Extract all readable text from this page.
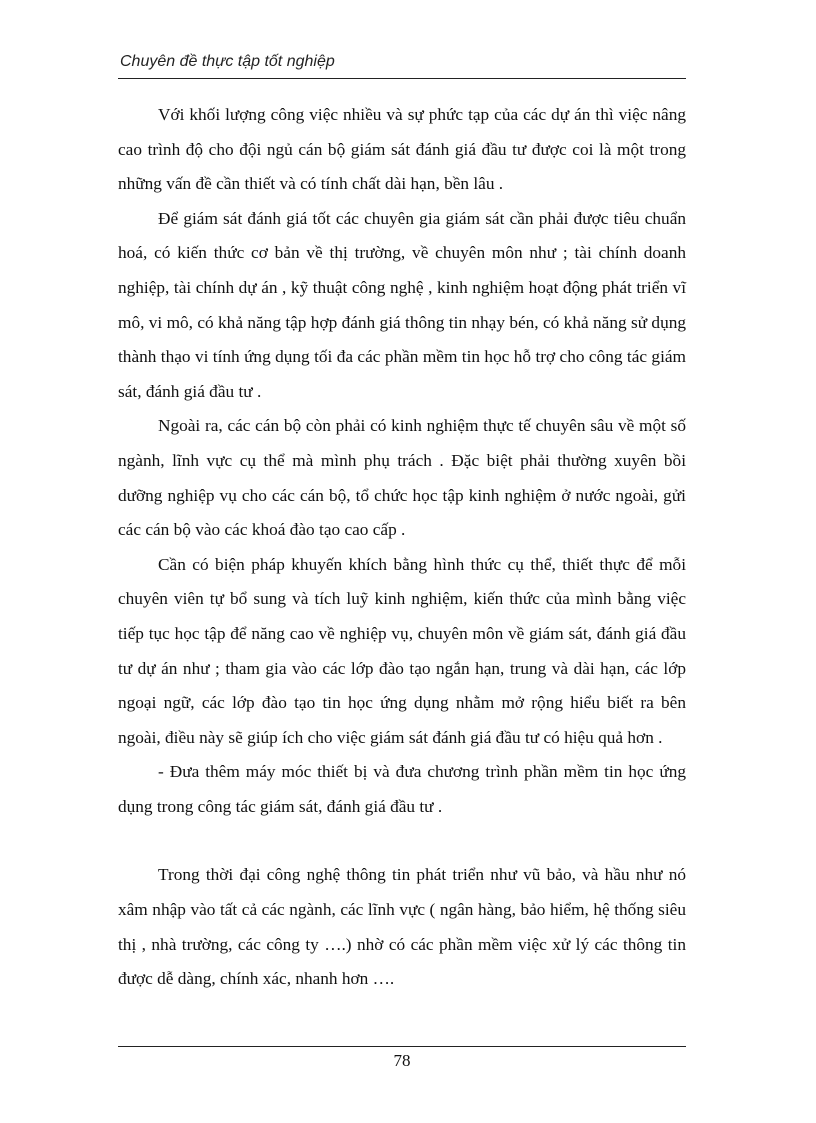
Chuyên đề thực tập tốt nghiệp

Với khối lượng công việc nhiều và sự phức tạp của các dự án thì việc nâng cao trình độ cho đội ngủ cán bộ giám sát đánh giá đầu tư được coi là một trong những vấn đề cần thiết và có tính chất dài hạn, bền lâu .

Để giám sát đánh giá tốt các chuyên gia giám sát cần phải được tiêu chuẩn hoá, có kiến thức cơ bản về thị trường, về chuyên môn như ; tài chính doanh nghiệp, tài chính dự án , kỹ thuật công nghệ , kinh nghiệm hoạt động phát triển vĩ mô, vi mô, có khả năng tập hợp đánh giá thông tin nhạy bén, có khả năng sử dụng thành thạo vi tính ứng dụng tối đa các phần mềm tin học hỗ trợ cho công tác giám sát, đánh giá đầu tư .

Ngoài ra, các cán bộ còn phải có kinh nghiệm thực tế chuyên sâu về một số ngành, lĩnh vực cụ thể mà mình phụ trách . Đặc biệt phải thường xuyên bồi dưỡng nghiệp vụ cho các cán bộ, tổ chức học tập kinh nghiệm ở nước ngoài, gửi các cán bộ vào các khoá đào tạo cao cấp .

Cần có biện pháp khuyến khích bằng hình thức cụ thể, thiết thực để mỗi chuyên viên tự bổ sung và tích luỹ kinh nghiệm, kiến thức của mình bằng việc tiếp tục học tập để năng cao về nghiệp vụ, chuyên môn về giám sát, đánh giá đầu tư dự án như ; tham gia vào các lớp đào tạo ngắn hạn, trung và dài hạn, các lớp ngoại ngữ, các lớp đào tạo tin học ứng dụng nhằm mở rộng hiểu biết ra bên ngoài, điều này sẽ giúp ích cho việc giám sát đánh giá đầu tư có hiệu quả hơn .

- Đưa thêm máy móc thiết bị và đưa chương trình phần mềm tin học ứng dụng trong công tác giám sát, đánh giá đầu tư .

Trong thời đại công nghệ thông tin phát triển như vũ bảo, và hầu như nó xâm nhập vào tất cả các ngành, các lĩnh vực ( ngân hàng, bảo hiểm, hệ thống siêu thị , nhà trường, các công ty ….) nhờ có các phần mềm việc xử lý các thông tin được dễ dàng, chính xác, nhanh hơn ….

78
